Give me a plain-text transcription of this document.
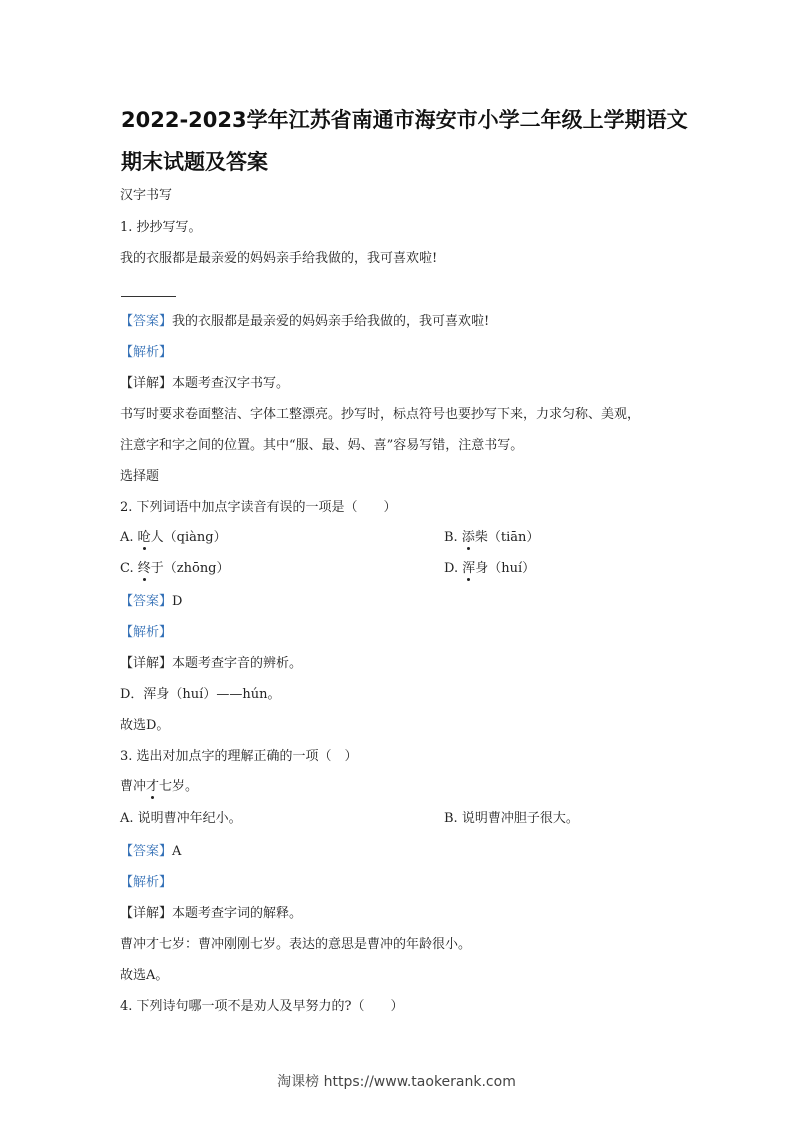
2022-2023学年江苏省南通市海安市小学二年级上学期语文
期末试题及答案
汉字书写
1. 抄抄写写。
我的衣服都是最亲爱的妈妈亲手给我做的，我可喜欢啦!
【答案】我的衣服都是最亲爱的妈妈亲手给我做的，我可喜欢啦!
【解析】
【详解】本题考查汉字书写。
书写时要求卷面整洁、字体工整漂亮。抄写时，标点符号也要抄写下来，力求匀称、美观，
注意字和字之间的位置。其中“服、最、妈、喜”容易写错，注意书写。
选择题
2. 下列词语中加点字读音有误的一项是（　　）
A. 呛人（qiàng）	B. 添柴（tiān）
C. 终于（zhōng）	D. 浑身（huí）
【答案】D
【解析】
【详解】本题考查字音的辨析。
D．浑身（huí）——hún。
故选D。
3. 选出对加点字的理解正确的一项（　）
曹冲才七岁。
A. 说明曹冲年纪小。	B. 说明曹冲胆子很大。
【答案】A
【解析】
【详解】本题考查字词的解释。
曹冲才七岁：曹冲刚刚七岁。表达的意思是曹冲的年龄很小。
故选A。
4. 下列诗句哪一项不是劝人及早努力的?（　　）
淘课榜 https://www.taokerank.com
